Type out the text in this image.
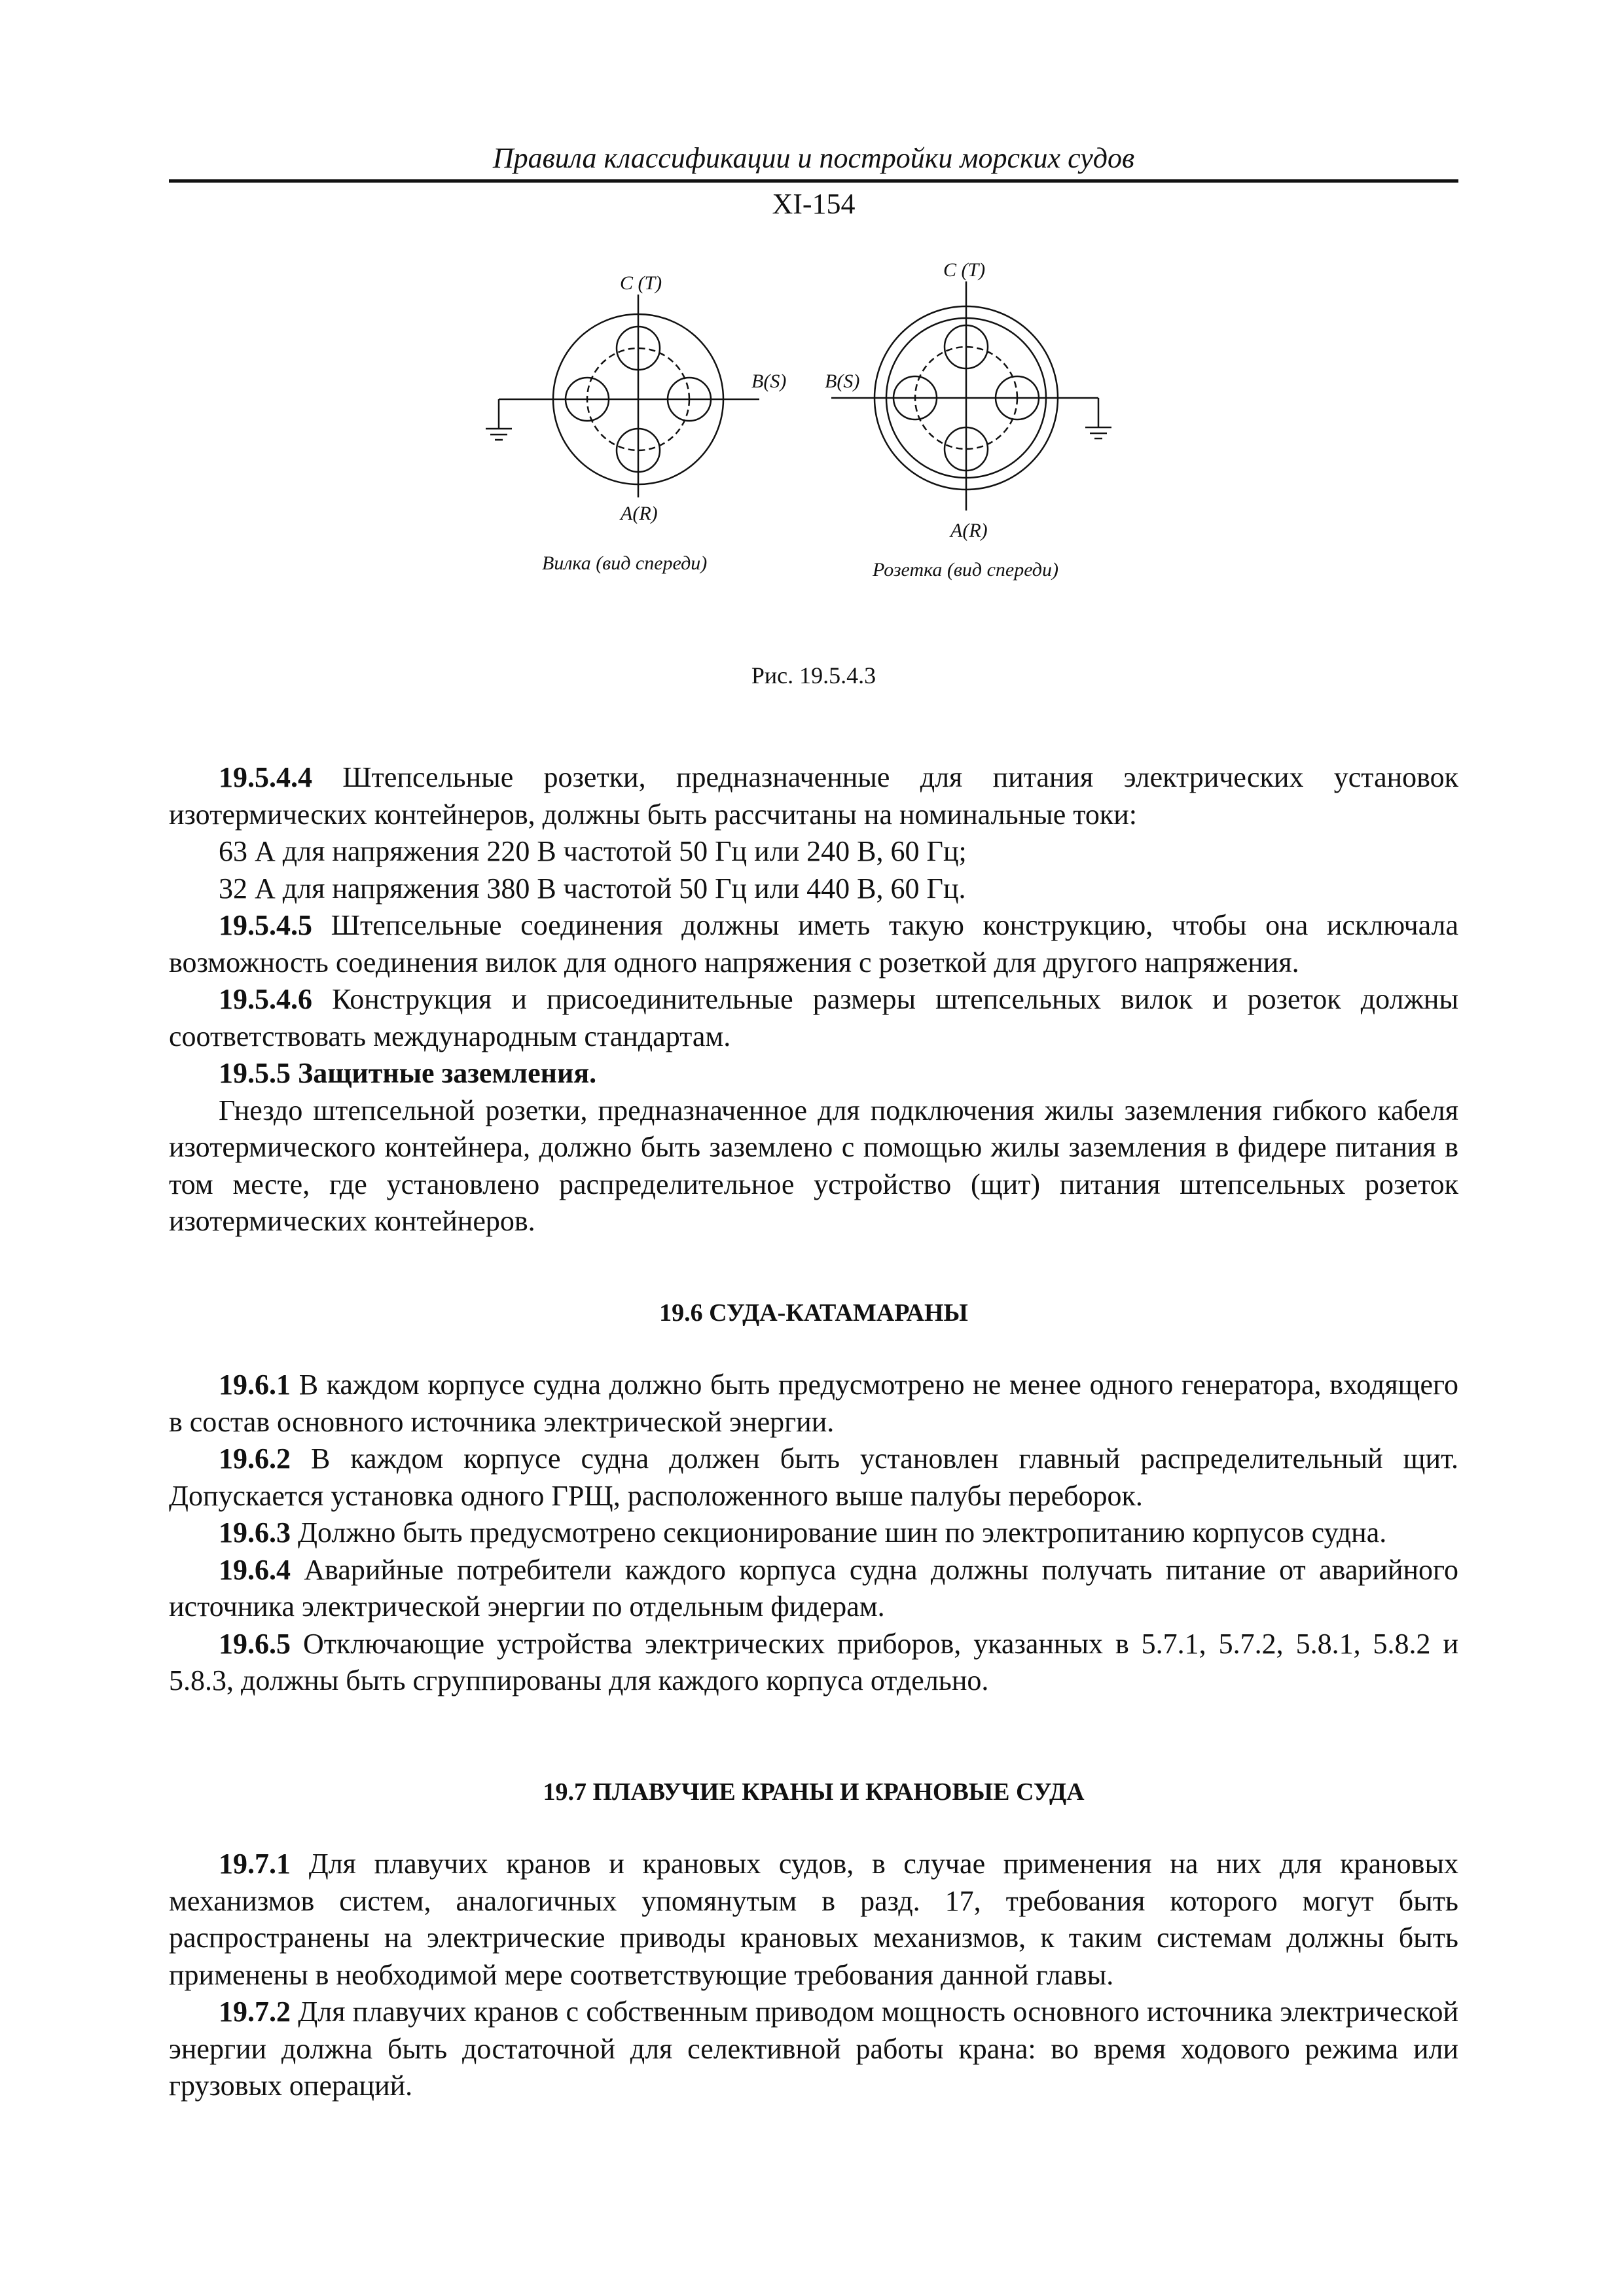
Правила классификации и постройки морских судов
XI-154
C (T)
B(S)
A(R)
Вилка (вид спереди)
C (T)
B(S)
A(R)
Розетка (вид спереди)
Рис. 19.5.4.3

19.5.4.4 Штепсельные розетки, предназначенные для питания электрических установок изотермических контейнеров, должны быть рассчитаны на номинальные токи:

63 А для напряжения 220 В частотой 50 Гц или 240 В, 60 Гц;

32 А для напряжения 380 В частотой 50 Гц или 440 В, 60 Гц.

19.5.4.5 Штепсельные соединения должны иметь такую конструкцию, чтобы она исключала возможность соединения вилок для одного напряжения с розеткой для другого напряжения.

19.5.4.6 Конструкция и присоединительные размеры штепсельных вилок и розеток должны соответствовать международным стандартам.

19.5.5 Защитные заземления.

Гнездо штепсельной розетки, предназначенное для подключения жилы заземления гибкого кабеля изотермического контейнера, должно быть заземлено с помощью жилы заземления в фидере питания в том месте, где установлено распределительное устройство (щит) питания штепсельных розеток изотермических контейнеров.

19.6 СУДА-КАТАМАРАНЫ

19.6.1 В каждом корпусе судна должно быть предусмотрено не менее одного генератора, входящего в состав основного источника электрической энергии.

19.6.2 В каждом корпусе судна должен быть установлен главный распределительный щит. Допускается установка одного ГРЩ, расположенного выше палубы переборок.

19.6.3 Должно быть предусмотрено секционирование шин по электропитанию корпусов судна.

19.6.4 Аварийные потребители каждого корпуса судна должны получать питание от аварийного источника электрической энергии по отдельным фидерам.

19.6.5 Отключающие устройства электрических приборов, указанных в 5.7.1, 5.7.2, 5.8.1, 5.8.2 и 5.8.3, должны быть сгруппированы для каждого корпуса отдельно.

19.7 ПЛАВУЧИЕ КРАНЫ И КРАНОВЫЕ СУДА

19.7.1 Для плавучих кранов и крановых судов, в случае применения на них для крановых механизмов систем, аналогичных упомянутым в разд. 17, требования которого могут быть распространены на электрические приводы крановых механизмов, к таким системам должны быть применены в необходимой мере соответствующие требования данной главы.

19.7.2 Для плавучих кранов с собственным приводом мощность основного источника электрической энергии должна быть достаточной для селективной работы крана: во время ходового режима или грузовых операций.
